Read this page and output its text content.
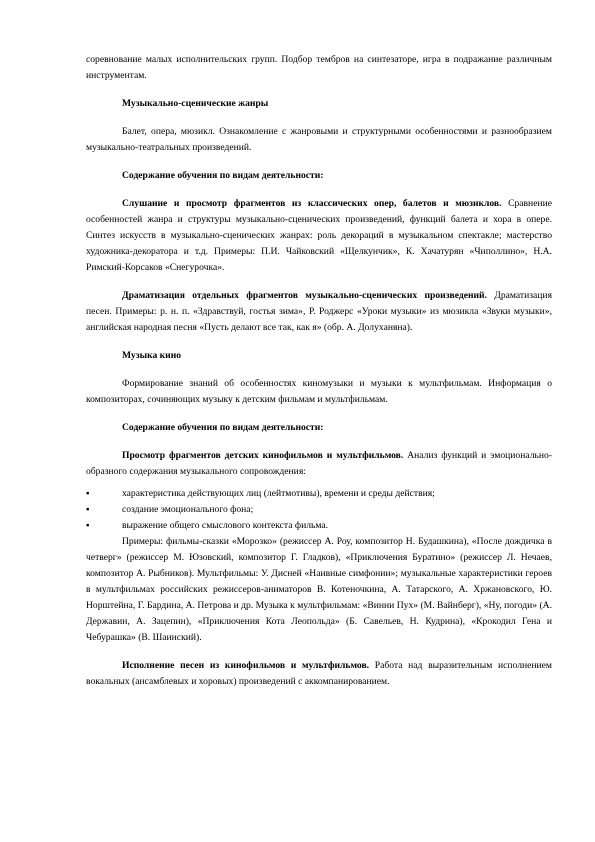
соревнование малых исполнительских групп. Подбор тембров на синтезаторе, игра в подражание различным инструментам.

Музыкально-сценические жанры

Балет, опера, мюзикл. Ознакомление с жанровыми и структурными особенностями и разнообразием музыкально-театральных произведений.

Содержание обучения по видам деятельности:

Слушание и просмотр фрагментов из классических опер, балетов и мюзиклов. Сравнение особенностей жанра и структуры музыкально-сценических произведений, функций балета и хора в опере. Синтез искусств в музыкально-сценических жанрах: роль декораций в музыкальном спектакле; мастерство художника-декоратора и т.д. Примеры: П.И. Чайковский «Щелкунчик», К. Хачатурян «Чиполлино», Н.А. Римский-Корсаков «Снегурочка».

Драматизация отдельных фрагментов музыкально-сценических произведений. Драматизация песен. Примеры: р. н. п. «Здравствуй, гостья зима», Р. Роджерс «Уроки музыки» из мюзикла «Звуки музыки», английская народная песня «Пусть делают все так, как я» (обр. А. Долуханяна).

Музыка кино

Формирование знаний об особенностях киномузыки и музыки к мультфильмам. Информация о композиторах, сочиняющих музыку к детским фильмам и мультфильмам.

Содержание обучения по видам деятельности:

Просмотр фрагментов детских кинофильмов и мультфильмов. Анализ функций и эмоционально-образного содержания музыкального сопровождения:

▪	характеристика действующих лиц (лейтмотивы), времени и среды действия;
▪	создание эмоционального фона;
▪	выражение общего смыслового контекста фильма.

Примеры: фильмы-сказки «Морозко» (режиссер А. Роу, композитор Н. Будашкина), «После дождичка в четверг» (режиссер М. Юзовский, композитор Г. Гладков), «Приключения Буратино» (режиссер Л. Нечаев, композитор А. Рыбников). Мультфильмы: У. Дисней «Наивные симфонии»; музыкальные характеристики героев в мультфильмах российских режиссеров-аниматоров В. Котеночкина, А. Татарского, А. Хржановского, Ю. Норштейна, Г. Бардина, А. Петрова и др. Музыка к мультфильмам: «Винни Пух» (М. Вайнберг), «Ну, погоди» (А. Державин, А. Зацепин), «Приключения Кота Леопольда» (Б. Савельев, Н. Кудрина), «Крокодил Гена и Чебурашка» (В. Шаинский).

Исполнение песен из кинофильмов и мультфильмов. Работа над выразительным исполнением вокальных (ансамблевых и хоровых) произведений с аккомпанированием.
